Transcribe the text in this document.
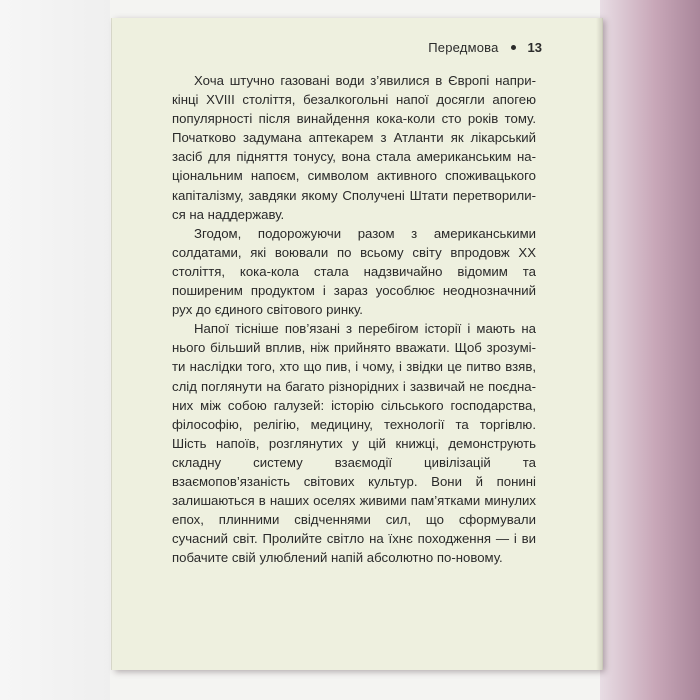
Передмова 13

Хоча штучно газовані води з’явилися в Європі наприкінці XVIII століття, безалкогольні напої досягли апогею популярності після винайдення кока-коли сто років тому. Початково задумана аптекарем з Атланти як лікарський засіб для підняття тонусу, вона стала американським національним напоєм, символом активного споживацького капіталізму, завдяки якому Сполучені Штати перетворилися на наддержаву.

Згодом, подорожуючи разом з американськими солдатами, які воювали по всьому світу впродовж XX століття, кока-кола стала надзвичайно відомим та поширеним продуктом і зараз уособлює неоднозначний рух до єдиного світового ринку.

Напої тісніше пов’язані з перебігом історії і мають на нього більший вплив, ніж прийнято вважати. Щоб зрозуміти наслідки того, хто що пив, і чому, і звідки це питво взяв, слід поглянути на багато різнорідних і зазвичай не поєднаних між собою галузей: історію сільського господарства, філософію, релігію, медицину, технології та торгівлю. Шість напоїв, розглянутих у цій книжці, демонструють складну систему взаємодії цивілізацій та взаємопов’язаність світових культур. Вони й понині залишаються в наших оселях живими пам’ятками минулих епох, плинними свідченнями сил, що сформували сучасний світ. Пролийте світло на їхнє походження — і ви побачите свій улюблений напій абсолютно по-новому.
